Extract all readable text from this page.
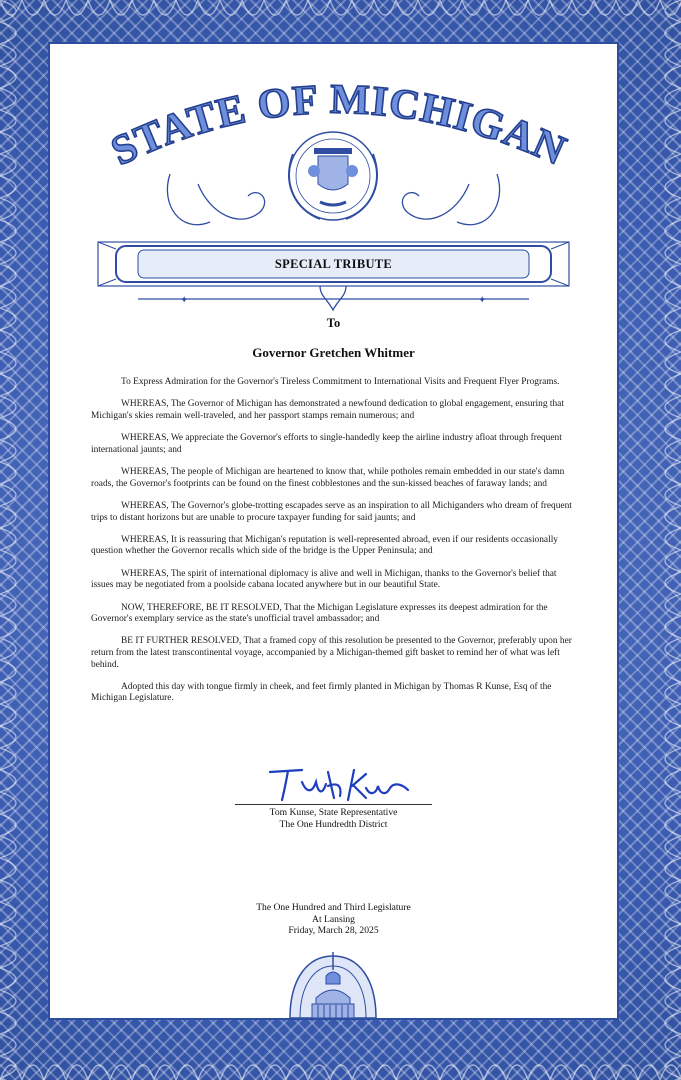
STATE OF MICHIGAN
✦	✦
SPECIAL TRIBUTE
To
Governor Gretchen Whitmer

To Express Admiration for the Governor's Tireless Commitment to International Visits and Frequent Flyer Programs.

WHEREAS, The Governor of Michigan has demonstrated a newfound dedication to global engagement, ensuring that Michigan's skies remain well-traveled, and her passport stamps remain numerous; and

WHEREAS, We appreciate the Governor's efforts to single-handedly keep the airline industry afloat through frequent international jaunts; and

WHEREAS, The people of Michigan are heartened to know that, while potholes remain embedded in our state's damn roads, the Governor's footprints can be found on the finest cobblestones and the sun-kissed beaches of faraway lands; and

WHEREAS, The Governor's globe-trotting escapades serve as an inspiration to all Michiganders who dream of frequent trips to distant horizons but are unable to procure taxpayer funding for said jaunts; and

WHEREAS, It is reassuring that Michigan's reputation is well-represented abroad, even if our residents occasionally question whether the Governor recalls which side of the bridge is the Upper Peninsula; and

WHEREAS, The spirit of international diplomacy is alive and well in Michigan, thanks to the Governor's belief that issues may be negotiated from a poolside cabana located anywhere but in our beautiful State.

NOW, THEREFORE, BE IT RESOLVED, That the Michigan Legislature expresses its deepest admiration for the Governor's exemplary service as the state's unofficial travel ambassador; and

BE IT FURTHER RESOLVED, That a framed copy of this resolution be presented to the Governor, preferably upon her return from the latest transcontinental voyage, accompanied by a Michigan-themed gift basket to remind her of what was left behind.

Adopted this day with tongue firmly in cheek, and feet firmly planted in Michigan by Thomas R Kunse, Esq of the Michigan Legislature.

Tom Kunse, State Representative
The One Hundredth District
The One Hundred and Third Legislature
At Lansing
Friday, March 28, 2025
